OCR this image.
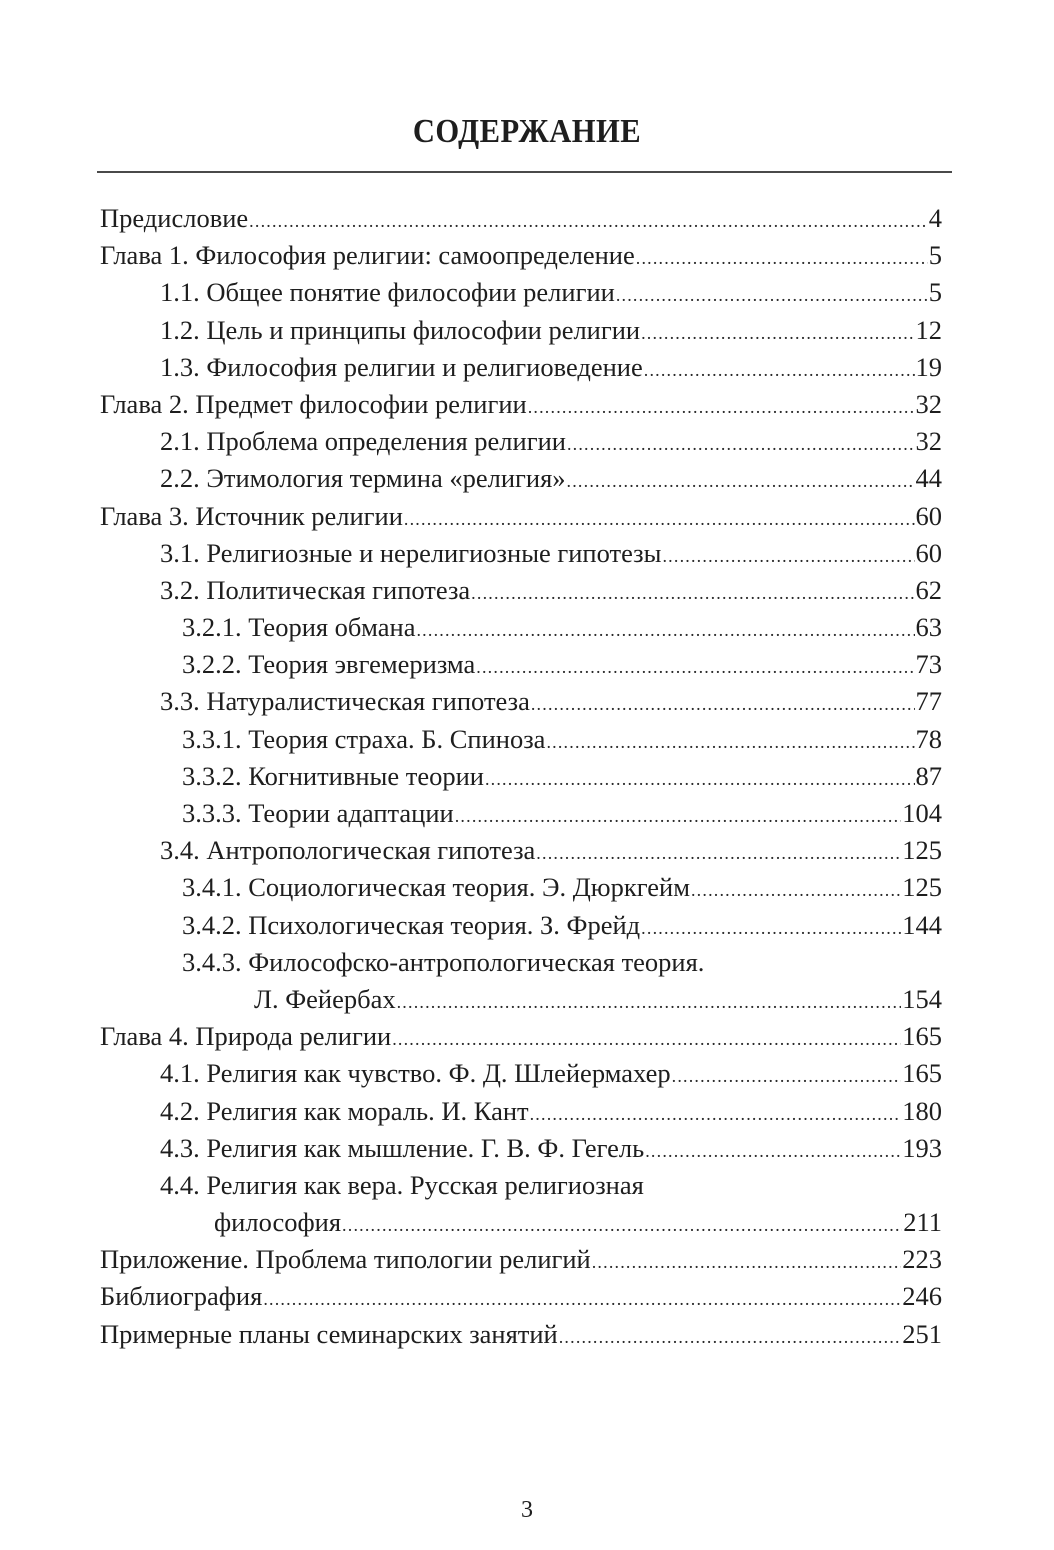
СОДЕРЖАНИЕ
Предисловие .....	4
Глава 1. Философия религии: самоопределение .....	5
1.1. Общее понятие философии религии .....	5
1.2. Цель и принципы философии религии .....	12
1.3. Философия религии и религиоведение .....	19
Глава 2. Предмет философии религии .....	32
2.1. Проблема определения религии .....	32
2.2. Этимология термина «религия» .....	44
Глава 3. Источник религии .....	60
3.1. Религиозные и нерелигиозные гипотезы .....	60
3.2. Политическая гипотеза .....	62
3.2.1. Теория обмана .....	63
3.2.2. Теория эвгемеризма .....	73
3.3. Натуралистическая гипотеза .....	77
3.3.1. Теория страха. Б. Спиноза .....	78
3.3.2. Когнитивные теории .....	87
3.3.3. Теории адаптации .....	104
3.4. Антропологическая гипотеза .....	125
3.4.1. Социологическая теория. Э. Дюркгейм .....	125
3.4.2. Психологическая теория. З. Фрейд .....	144
3.4.3. Философско-антропологическая теория.
Л. Фейербах .....	154
Глава 4. Природа религии .....	165
4.1. Религия как чувство. Ф. Д. Шлейермахер .....	165
4.2. Религия как мораль. И. Кант .....	180
4.3. Религия как мышление. Г. В. Ф. Гегель .....	193
4.4. Религия как вера. Русская религиозная
философия .....	211
Приложение. Проблема типологии религий .....	223
Библиография .....	246
Примерные планы семинарских занятий .....	251
3
